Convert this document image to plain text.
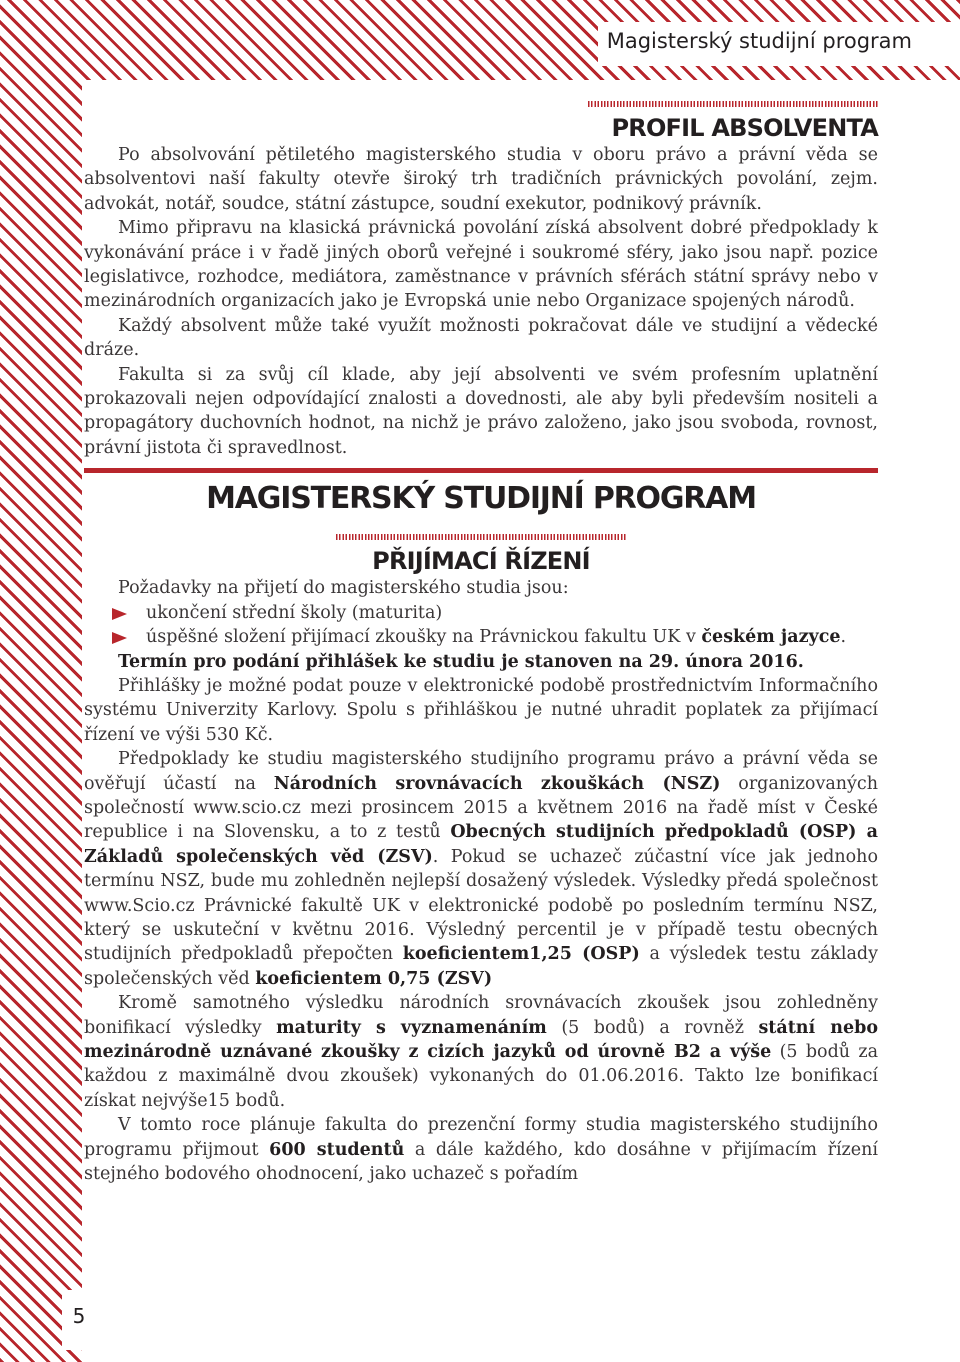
Magisterský studijní program
PROFIL ABSOLVENTA

Po absolvování pětiletého magisterského studia v oboru právo a právní věda se absolventovi naší fakulty otevře široký trh tradičních právnických povolání, zejm. advokát, notář, soudce, státní zástupce, soudní exekutor, podnikový právník.

Mimo připravu na klasická právnická povolání získá absolvent dobré předpoklady k vykonávání práce i v řadě jiných oborů veřejné i soukromé sféry, jako jsou např. pozice legislativce, rozhodce, mediátora, zaměstnance v právních sférách státní správy nebo v mezinárodních organizacích jako je Evropská unie nebo Organizace spojených národů.

Každý absolvent může také využít možnosti pokračovat dále ve studijní a vědecké dráze.

Fakulta si za svůj cíl klade, aby její absolventi ve svém profesním uplatnění prokazovali nejen odpovídající znalosti a dovednosti, ale aby byli především nositeli a propagátory duchovních hodnot, na nichž je právo založeno, jako jsou svoboda, rovnost, právní jistota či spravedlnost.

MAGISTERSKÝ STUDIJNÍ PROGRAM
PŘIJÍMACÍ ŘÍZENÍ

Požadavky na přijetí do magisterského studia jsou:

ukončení střední školy (maturita)
úspěšné složení přijímací zkoušky na Právnickou fakultu UK v českém jazyce.

Termín pro podání přihlášek ke studiu je stanoven na 29. února 2016.

Přihlášky je možné podat pouze v elektronické podobě prostřednictvím Informačního systému Univerzity Karlovy. Spolu s přihláškou je nutné uhradit poplatek za přijímací řízení ve výši 530 Kč.

Předpoklady ke studiu magisterského studijního programu právo a právní věda se ověřují účastí na Národních srovnávacích zkouškách (NSZ) organizovaných společností www.scio.cz mezi prosincem 2015 a květnem 2016 na řadě míst v České republice i na Slovensku, a to z testů Obecných studijních předpokladů (OSP) a Základů společenských věd (ZSV). Pokud se uchazeč zúčastní více jak jednoho termínu NSZ, bude mu zohledněn nejlepší dosažený výsledek. Výsledky předá společnost www.Scio.cz Právnické fakultě UK v elektronické podobě po posledním termínu NSZ, který se uskuteční v květnu 2016. Výsledný percentil je v případě testu obecných studijních předpokladů přepočten koeficientem1,25 (OSP) a výsledek testu základy společenských věd koeficientem 0,75 (ZSV)

Kromě samotného výsledku národních srovnávacích zkoušek jsou zohledněny bonifikací výsledky maturity s vyznamenáním (5 bodů) a rovněž státní nebo mezinárodně uznávané zkoušky z cizích jazyků od úrovně B2 a výše (5 bodů za každou z maximálně dvou zkoušek) vykonaných do 01.06.2016. Takto lze bonifikací získat nejvýše15 bodů.

V tomto roce plánuje fakulta do prezenční formy studia magisterského studijního programu přijmout 600 studentů a dále každého, kdo dosáhne v přijímacím řízení stejného bodového ohodnocení, jako uchazeč s pořadím

5
